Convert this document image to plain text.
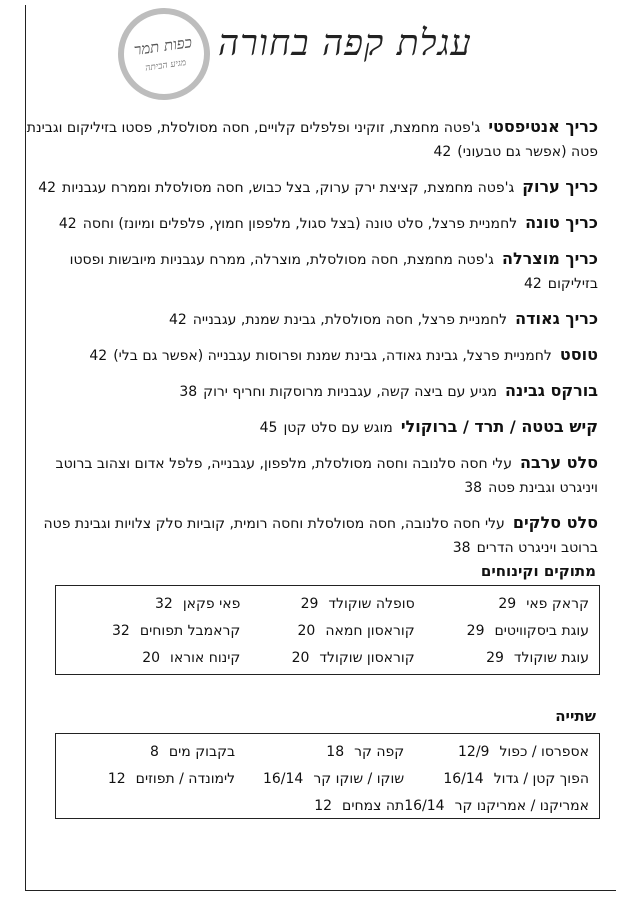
כפות תמר
מגיע הביתה
עגלת קפה בחורה
כריך אנטיפסטיג'פטה מחמצת, זוקיני ופלפלים קלויים, חסה מסולסלת, פסטו בזיליקום וגבינת פטה (אפשר גם טבעוני)42
כריך ערוקג'פטה מחמצת, קציצת ירק ערוק, בצל כבוש, חסה מסולסלת וממרח עגבניות42
כריך טונהלחמניית פרצל, סלט טונה (בצל סגול, מלפפון חמוץ, פלפלים ומיונז) וחסה42
כריך מוצרלהג'פטה מחמצת, חסה מסולסלת, מוצרלה, ממרח עגבניות מיובשות ופסטו בזיליקום42
כריך גאודהלחמניית פרצל, חסה מסולסלת, גבינת שמנת, עגבנייה42
טוסטלחמניית פרצל, גבינת גאודה, גבינת שמנת ופרוסות עגבנייה (אפשר גם בלי)42
בורקס גבינהמגיע עם ביצה קשה, עגבניות מרוסקות וחריף ירוק38
קיש בטטה / תרד / ברוקולימוגש עם סלט קטן45
סלט ערבהעלי חסה סלנובה וחסה מסולסלת, מלפפון, עגבנייה, פלפל אדום וצהוב ברוטב ויניגרט וגבינת פטה38
סלט סלקיםעלי חסה סלנובה, חסה מסולסלת וחסה רומית, קוביות סלק צלויות וגבינת פטה ברוטב ויניגרט הדרים38
מתוקים וקינוחים
קראק פאי29
סופלה שוקולד29
פאי פקאן32
עוגת ביסקוויטים29
קוראסון חמאה20
קראמבל תפוחים32
עוגת שוקולד29
קוראסון שוקולד20
קינוח אוראו20
שתייה
אספרסו / כפול12/9
קפה קר18
בקבוק מים8
הפוך קטן / גדול16/14
שוקו / שוקו קר16/14
לימונדה / תפוזים12
אמריקנו / אמריקנו קר16/14
תה צמחים12
